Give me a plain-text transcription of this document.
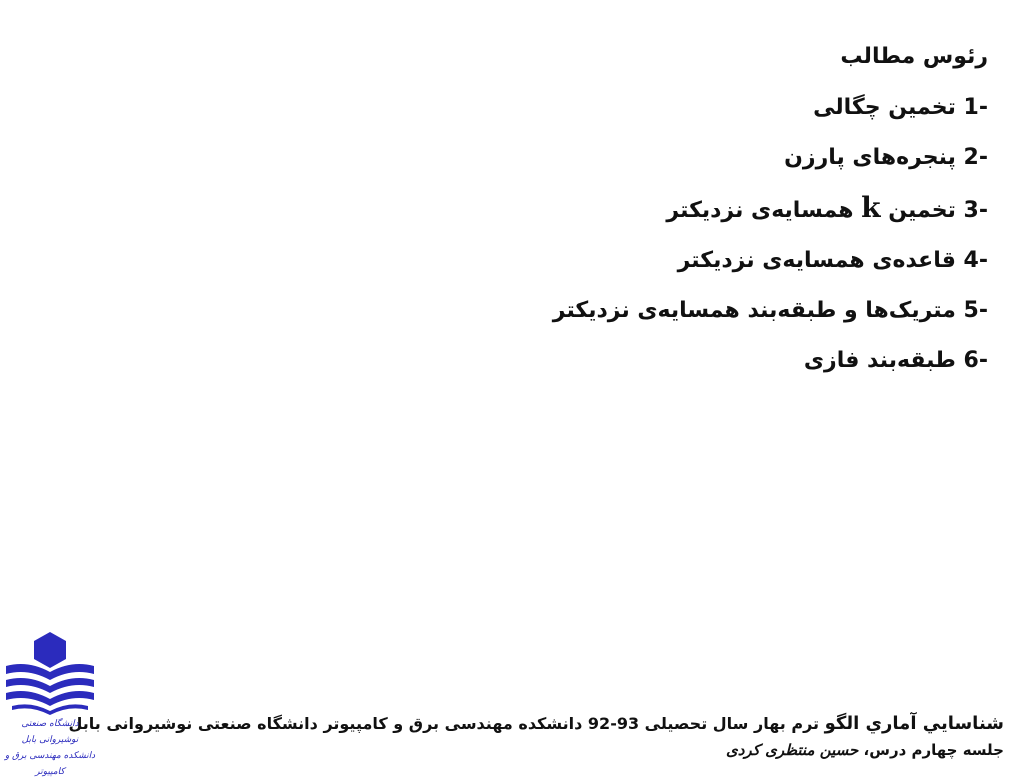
رئوس مطالب
1- تخمین چگالی
2- پنجره‌های پارزن
3- تخمین k همسایه‌ی نزدیکتر
4- قاعده‌ی همسایه‌ی نزدیکتر
5- متریک‌ها و طبقه‌بند همسایه‌ی نزدیکتر
6- طبقه‌بند فازی
شناسايي آماري الگو ترم بهار سال تحصیلی 93-92 دانشکده مهندسی برق و کامپیوتر دانشگاه صنعتی نوشیروانی بابل
جلسه چهارم درس، حسین منتظری کردی
دانشگاه صنعتی نوشیروانی بابل
دانشکده مهندسی برق و کامپیوتر
